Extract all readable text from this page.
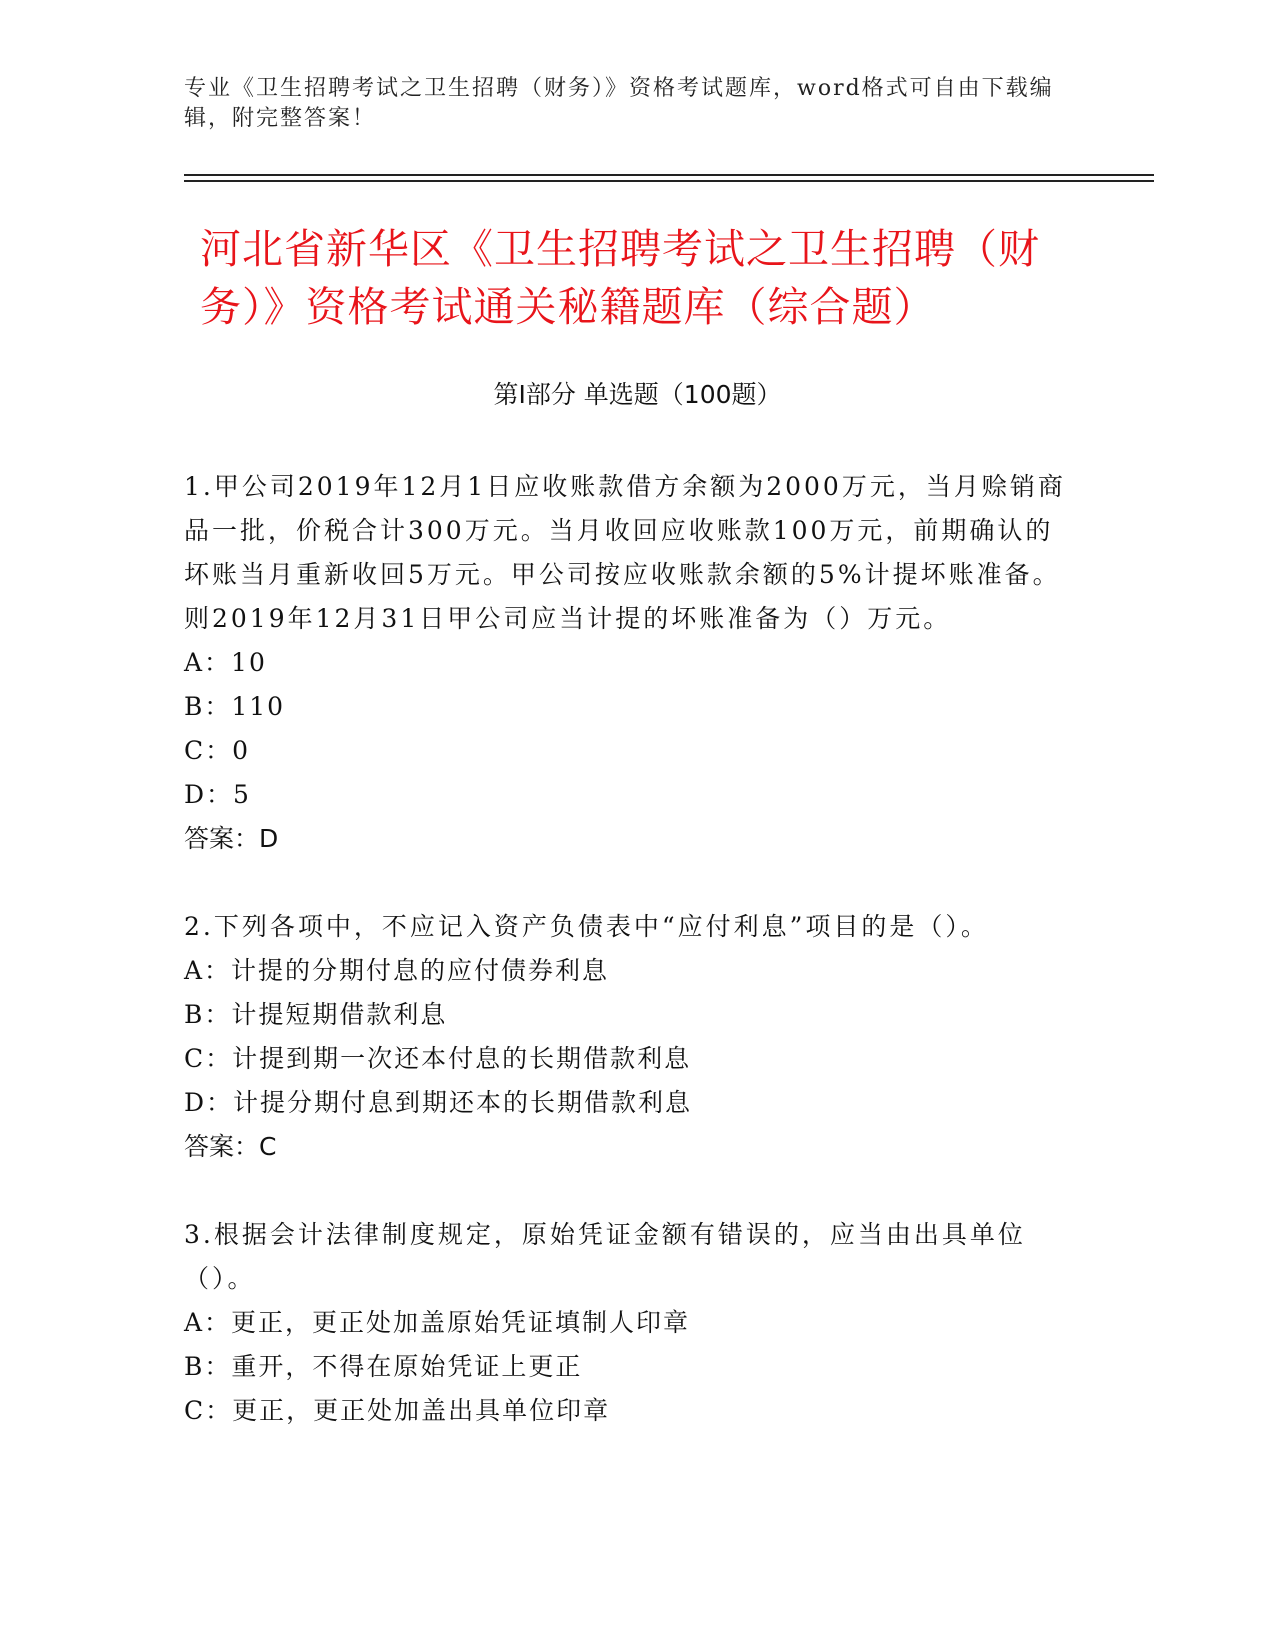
专业《卫生招聘考试之卫生招聘（财务）》资格考试题库，word格式可自由下载编辑，附完整答案！
河北省新华区《卫生招聘考试之卫生招聘（财务）》资格考试通关秘籍题库（综合题）
第Ⅰ部分 单选题（100题）

1.甲公司2019年12月1日应收账款借方余额为2000万元，当月赊销商品一批，价税合计300万元。当月收回应收账款100万元，前期确认的坏账当月重新收回5万元。甲公司按应收账款余额的5%计提坏账准备。则2019年12月31日甲公司应当计提的坏账准备为（）万元。

A：10

B：110

C：0

D：5

答案：D

2.下列各项中，不应记入资产负债表中“应付利息”项目的是（）。

A：计提的分期付息的应付债券利息

B：计提短期借款利息

C：计提到期一次还本付息的长期借款利息

D：计提分期付息到期还本的长期借款利息

答案：C

3.根据会计法律制度规定，原始凭证金额有错误的，应当由出具单位（）。

A：更正，更正处加盖原始凭证填制人印章

B：重开，不得在原始凭证上更正

C：更正，更正处加盖出具单位印章
